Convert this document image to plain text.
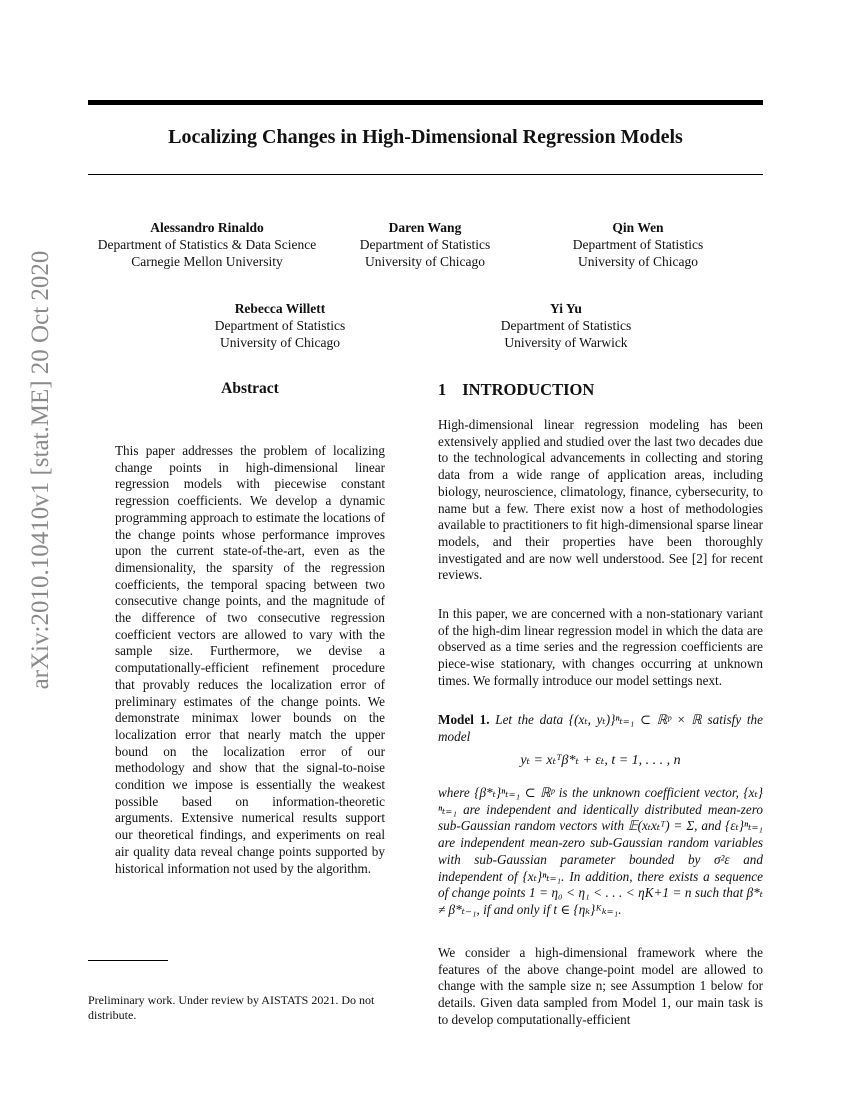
Localizing Changes in High-Dimensional Regression Models
Alessandro Rinaldo
Department of Statistics & Data Science
Carnegie Mellon University
Daren Wang
Department of Statistics
University of Chicago
Qin Wen
Department of Statistics
University of Chicago
Rebecca Willett
Department of Statistics
University of Chicago
Yi Yu
Department of Statistics
University of Warwick
arXiv:2010.10410v1 [stat.ME] 20 Oct 2020	Abstract
This paper addresses the problem of localizing change points in high-dimensional linear regression models with piecewise constant regression coefficients. We develop a dynamic programming approach to estimate the locations of the change points whose performance improves upon the current state-of-the-art, even as the dimensionality, the sparsity of the regression coefficients, the temporal spacing between two consecutive change points, and the magnitude of the difference of two consecutive regression coefficient vectors are allowed to vary with the sample size. Furthermore, we devise a computationally-efficient refinement procedure that provably reduces the localization error of preliminary estimates of the change points. We demonstrate minimax lower bounds on the localization error that nearly match the upper bound on the localization error of our methodology and show that the signal-to-noise condition we impose is essentially the weakest possible based on information-theoretic arguments. Extensive numerical results support our theoretical findings, and experiments on real air quality data reveal change points supported by historical information not used by the algorithm.
Preliminary work. Under review by AISTATS 2021. Do not distribute.
1 INTRODUCTION
High-dimensional linear regression modeling has been extensively applied and studied over the last two decades due to the technological advancements in collecting and storing data from a wide range of application areas, including biology, neuroscience, climatology, finance, cybersecurity, to name but a few. There exist now a host of methodologies available to practitioners to fit high-dimensional sparse linear models, and their properties have been thoroughly investigated and are now well understood. See [2] for recent reviews.
In this paper, we are concerned with a non-stationary variant of the high-dim linear regression model in which the data are observed as a time series and the regression coefficients are piece-wise stationary, with changes occurring at unknown times. We formally introduce our model settings next.
Model 1. Let the data {(xₜ, yₜ)}ⁿₜ₌₁ ⊂ ℝᵖ × ℝ satisfy the model
yₜ = xₜᵀβ*ₜ + εₜ, t = 1, . . . , n
where {β*ₜ}ⁿₜ₌₁ ⊂ ℝᵖ is the unknown coefficient vector, {xₜ}ⁿₜ₌₁ are independent and identically distributed mean-zero sub-Gaussian random vectors with 𝔼(xₜxₜᵀ) = Σ, and {εₜ}ⁿₜ₌₁ are independent mean-zero sub-Gaussian random variables with sub-Gaussian parameter bounded by σ²ε and independent of {xₜ}ⁿₜ₌₁. In addition, there exists a sequence of change points 1 = η₀ < η₁ < . . . < ηK+1 = n such that β*ₜ ≠ β*ₜ₋₁, if and only if t ∈ {ηₖ}ᴷₖ₌₁.
We consider a high-dimensional framework where the features of the above change-point model are allowed to change with the sample size n; see Assumption 1 below for details. Given data sampled from Model 1, our main task is to develop computationally-efficient
